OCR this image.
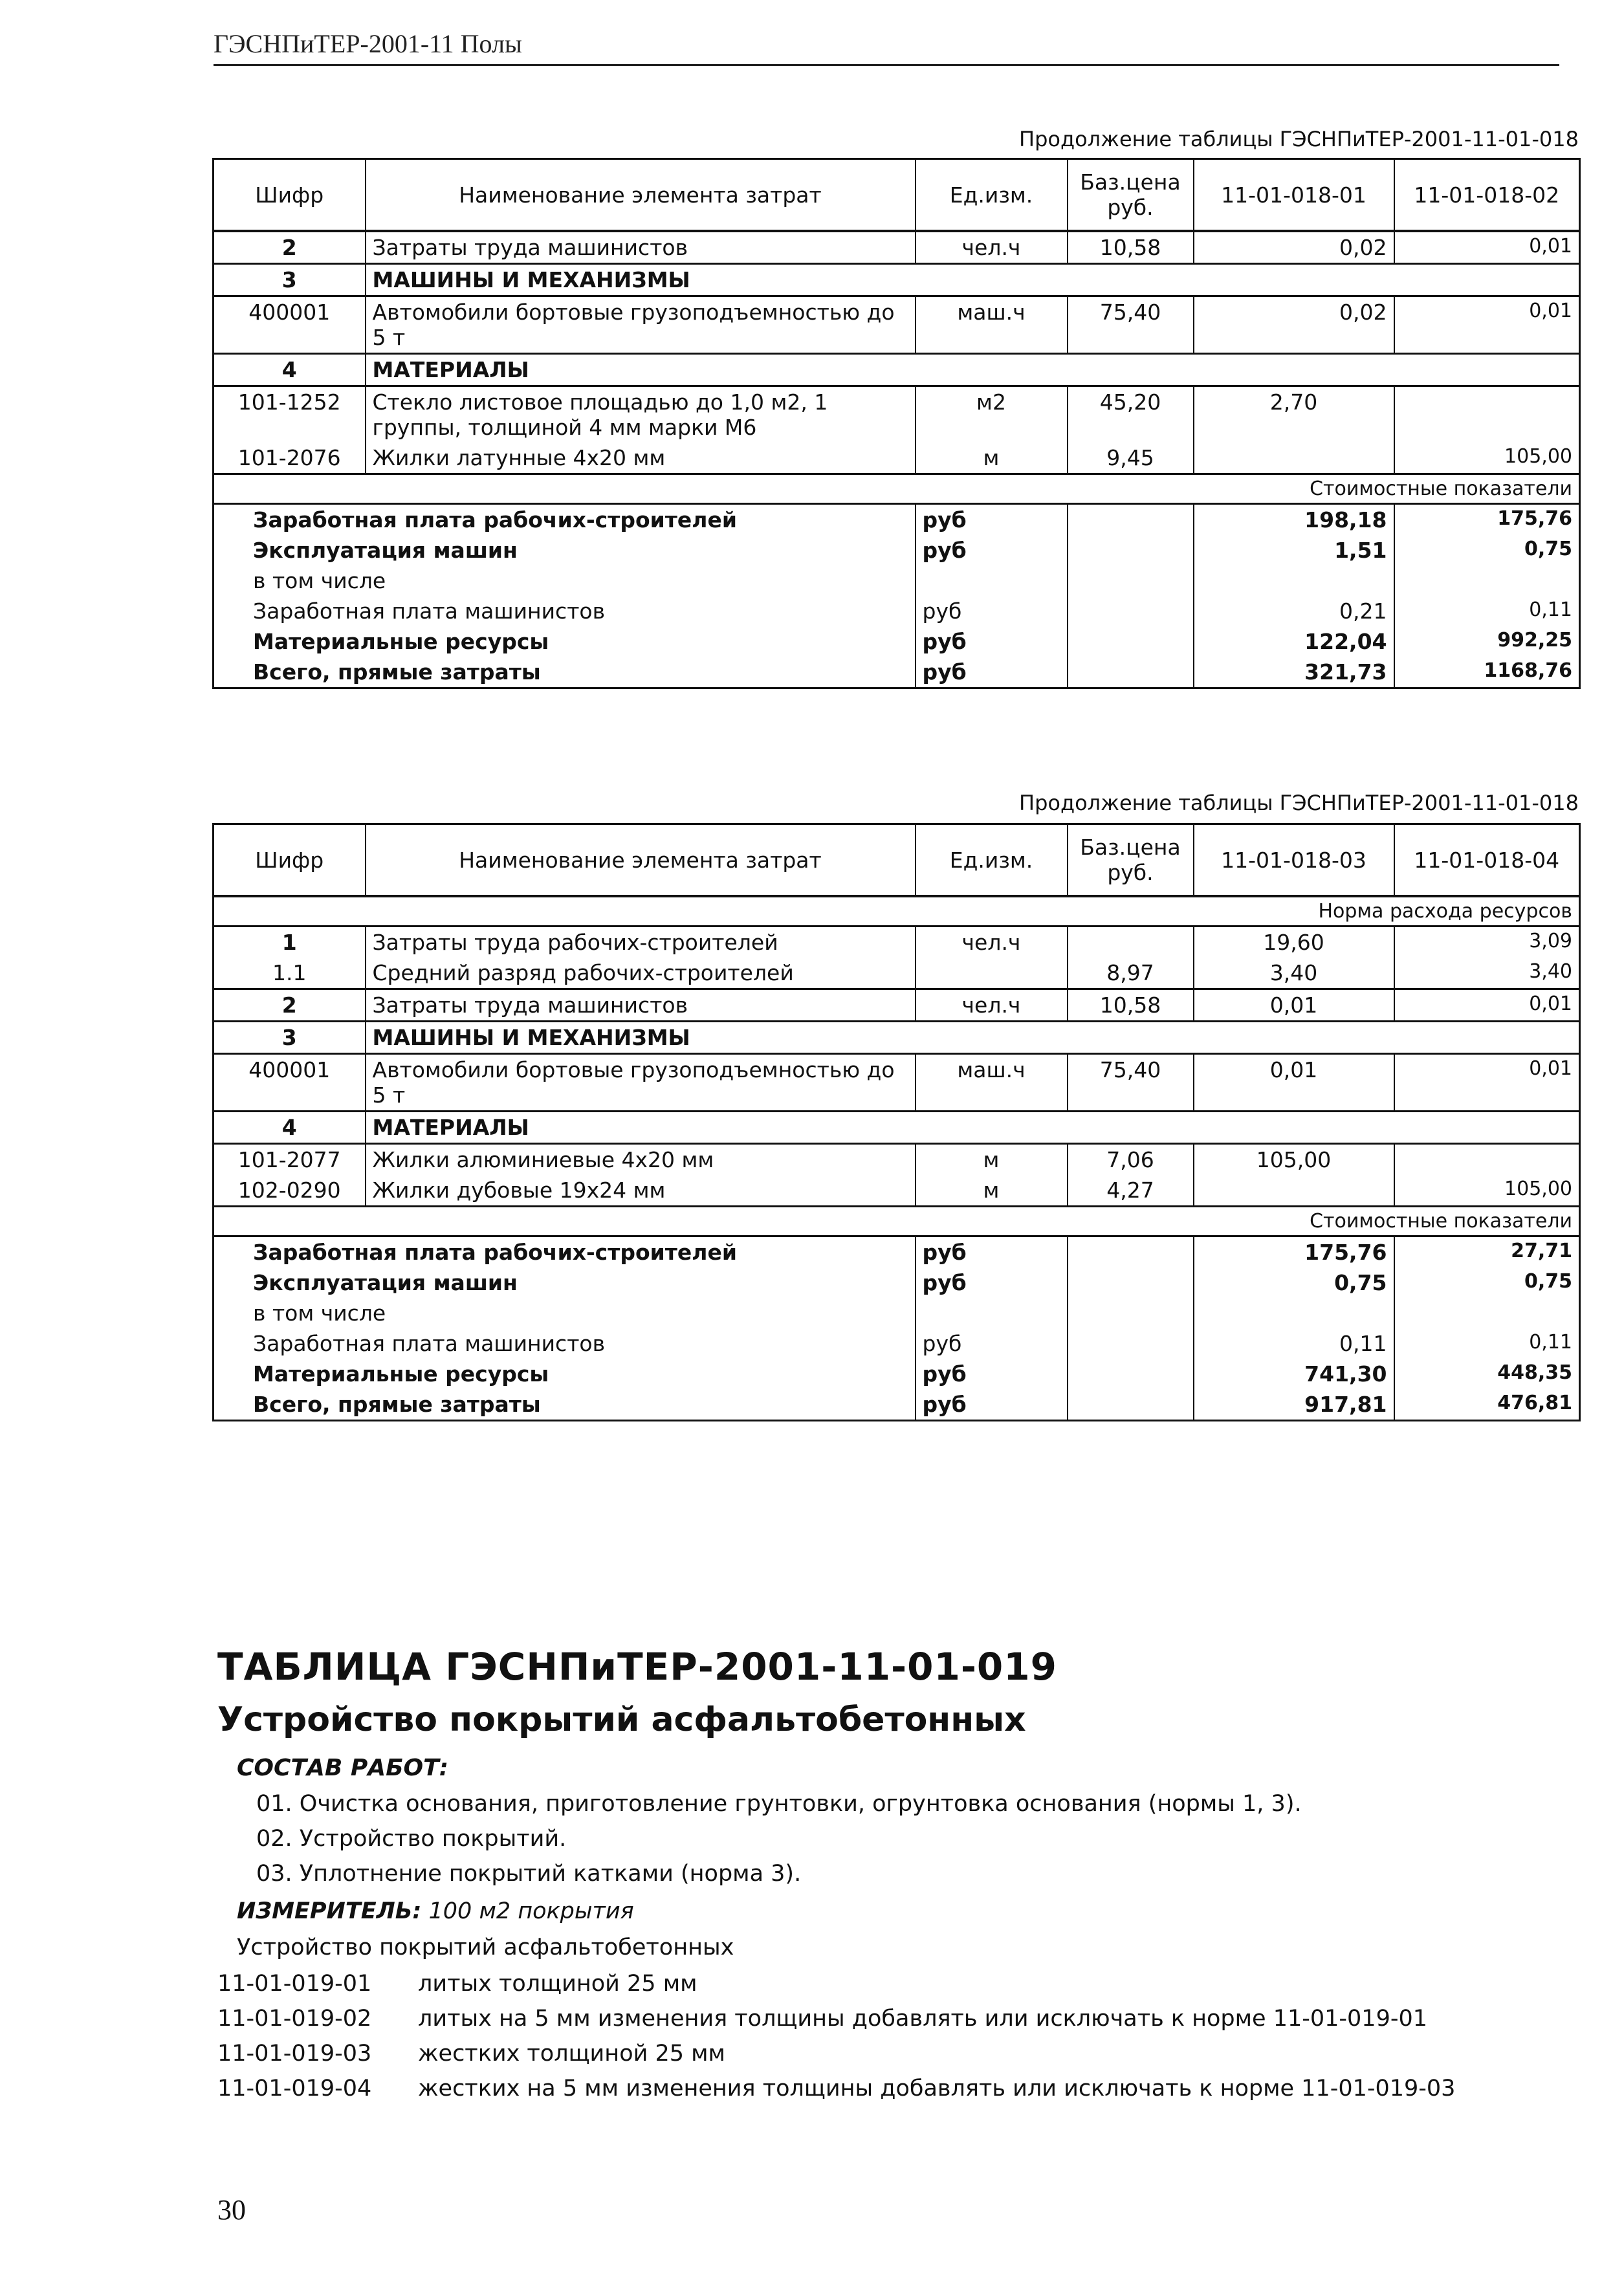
ГЭСНПиТЕР-2001-11 Полы
Продолжение таблицы ГЭСНПиТЕР-2001-11-01-018
Шифр	Наименование элемента затрат	Ед.изм.	Баз.цена руб.	11-01-018-01	11-01-018-02
2	Затраты труда машинистов	чел.ч	10,58	0,02	0,01
3	МАШИНЫ И МЕХАНИЗМЫ				
400001	Автомобили бортовые грузоподъемностью до 5 т	маш.ч	75,40	0,02	0,01
4	МАТЕРИАЛЫ				
101-1252	Стекло листовое площадью до 1,0 м2, 1 группы, толщиной 4 мм марки М6	м2	45,20	2,70	
101-2076	Жилки латунные 4x20 мм	м	9,45		105,00
Стоимостные показатели					
Заработная плата рабочих-строителей		руб		198,18	175,76
Эксплуатация машин		руб		1,51	0,75
в том числе					
Заработная плата машинистов		руб		0,21	0,11
Материальные ресурсы		руб		122,04	992,25
Всего, прямые затраты		руб		321,73	1168,76
Продолжение таблицы ГЭСНПиТЕР-2001-11-01-018
Шифр	Наименование элемента затрат	Ед.изм.	Баз.цена руб.	11-01-018-03	11-01-018-04
Норма расхода ресурсов					
1	Затраты труда рабочих-строителей	чел.ч		19,60	3,09
1.1	Средний разряд рабочих-строителей		8,97	3,40	3,40
2	Затраты труда машинистов	чел.ч	10,58	0,01	0,01
3	МАШИНЫ И МЕХАНИЗМЫ				
400001	Автомобили бортовые грузоподъемностью до 5 т	маш.ч	75,40	0,01	0,01
4	МАТЕРИАЛЫ				
101-2077	Жилки алюминиевые 4x20 мм	м	7,06	105,00	
102-0290	Жилки дубовые 19x24 мм	м	4,27		105,00
Стоимостные показатели					
Заработная плата рабочих-строителей		руб		175,76	27,71
Эксплуатация машин		руб		0,75	0,75
в том числе					
Заработная плата машинистов		руб		0,11	0,11
Материальные ресурсы		руб		741,30	448,35
Всего, прямые затраты		руб		917,81	476,81
ТАБЛИЦА ГЭСНПиТЕР-2001-11-01-019
Устройство покрытий асфальтобетонных
СОСТАВ РАБОТ:
01. Очистка основания, приготовление грунтовки, огрунтовка основания (нормы 1, 3).
02. Устройство покрытий.
03. Уплотнение покрытий катками (норма 3).
ИЗМЕРИТЕЛЬ: 100 м2 покрытия
Устройство покрытий асфальтобетонных
11-01-019-01 литых толщиной 25 мм
11-01-019-02 литых на 5 мм изменения толщины добавлять или исключать к норме 11-01-019-01
11-01-019-03 жестких толщиной 25 мм
11-01-019-04 жестких на 5 мм изменения толщины добавлять или исключать к норме 11-01-019-03
30
